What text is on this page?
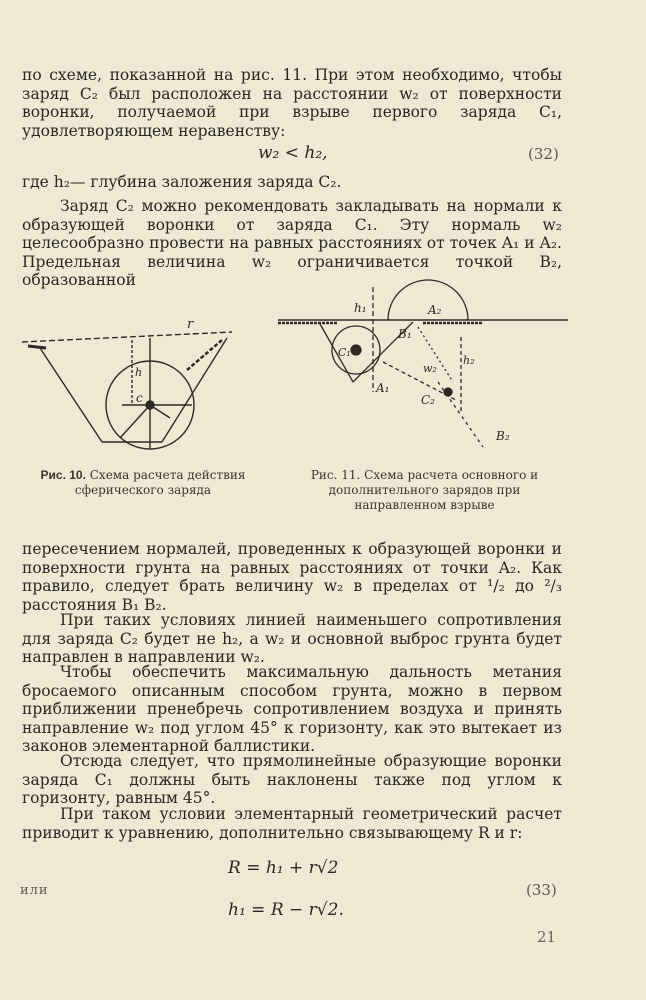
по схеме, показанной на рис. 11. При этом необходимо, чтобы заряд C₂ был расположен на расстоянии w₂ от поверхности воронки, получаемой при взрыве первого заряда C₁, удовлетворяющем неравенству:

w₂ < h₂,	(32)

где h₂— глубина заложения заряда C₂.

Заряд C₂ можно рекомендовать закладывать на нормали к образующей воронки от заряда C₁. Эту нормаль w₂ целесообразно провести на равных расстояниях от точек A₁ и A₂. Предельная величина w₂ ограничивается точкой B₂, образованной

r
h
c
h₁	A₂
B₁
C₁
A₁
h₂
w₂
C₂
B₂
Рис. 10. Схема расчета действия сферического заряда
Рис. 11. Схема расчета основного и дополнительного зарядов при направленном взрыве

пересечением нормалей, проведенных к образующей воронки и поверхности грунта на равных расстояниях от точки A₂. Как правило, следует брать величину w₂ в пределах от ¹/₂ до ²/₃ расстояния B₁ B₂.

При таких условиях линией наименьшего сопротивления для заряда C₂ будет не h₂, а w₂ и основной выброс грунта будет направлен в направлении w₂.

Чтобы обеспечить максимальную дальность метания бросаемого описанным способом грунта, можно в первом приближении пренебречь сопротивлением воздуха и принять направление w₂ под углом 45° к горизонту, как это вытекает из законов элементарной баллистики.

Отсюда следует, что прямолинейные образующие воронки заряда C₁ должны быть наклонены также под углом к горизонту, равным 45°.

При таком условии элементарный геометрический расчет приводит к уравнению, дополнительно связывающему R и r:

R = h₁ + r√2
или	(33)
h₁ = R − r√2.
21
